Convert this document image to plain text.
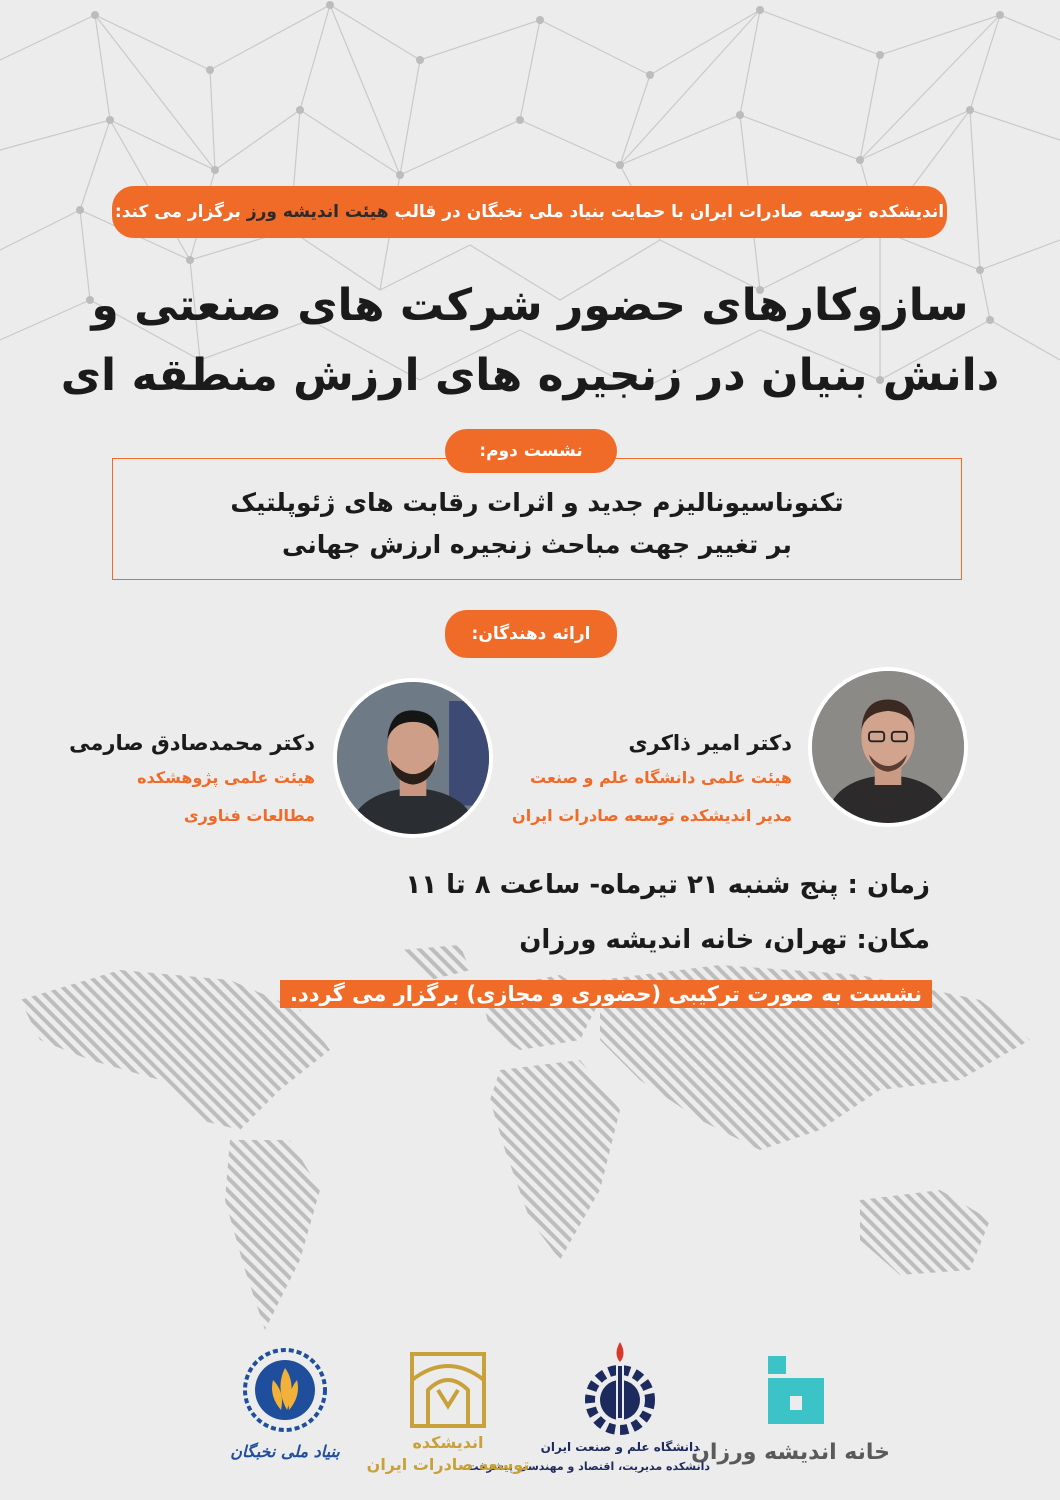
اندیشکده توسعه صادرات ایران با حمایت بنیاد ملی نخبگان در قالب هیئت اندیشه ورز برگزار می کند:
سازوکارهای حضور شرکت های صنعتی و
دانش بنیان در زنجیره های ارزش منطقه ای
نشست دوم:
تکنوناسیونالیزم جدید و اثرات رقابت های ژئوپلتیک
بر تغییر جهت مباحث زنجیره ارزش جهانی
ارائه دهندگان:
دکتر امیر ذاکری
هیئت علمی دانشگاه علم و صنعت
مدیر اندیشکده توسعه صادرات ایران
دکتر محمدصادق صارمی
هیئت علمی پژوهشکده
مطالعات فناوری
زمان : پنج شنبه ۲۱ تیرماه- ساعت ۸ تا ۱۱
مکان: تهران، خانه اندیشه ورزان
نشست به صورت ترکیبی (حضوری و مجازی) برگزار می گردد.
خانه اندیشه ورزان
دانشگاه علم و صنعت ایران
دانشکده مدیریت، اقتصاد و مهندسی پیشرفت
اندیشکده
توسعه صادرات ایران
بنیاد ملی نخبگان
